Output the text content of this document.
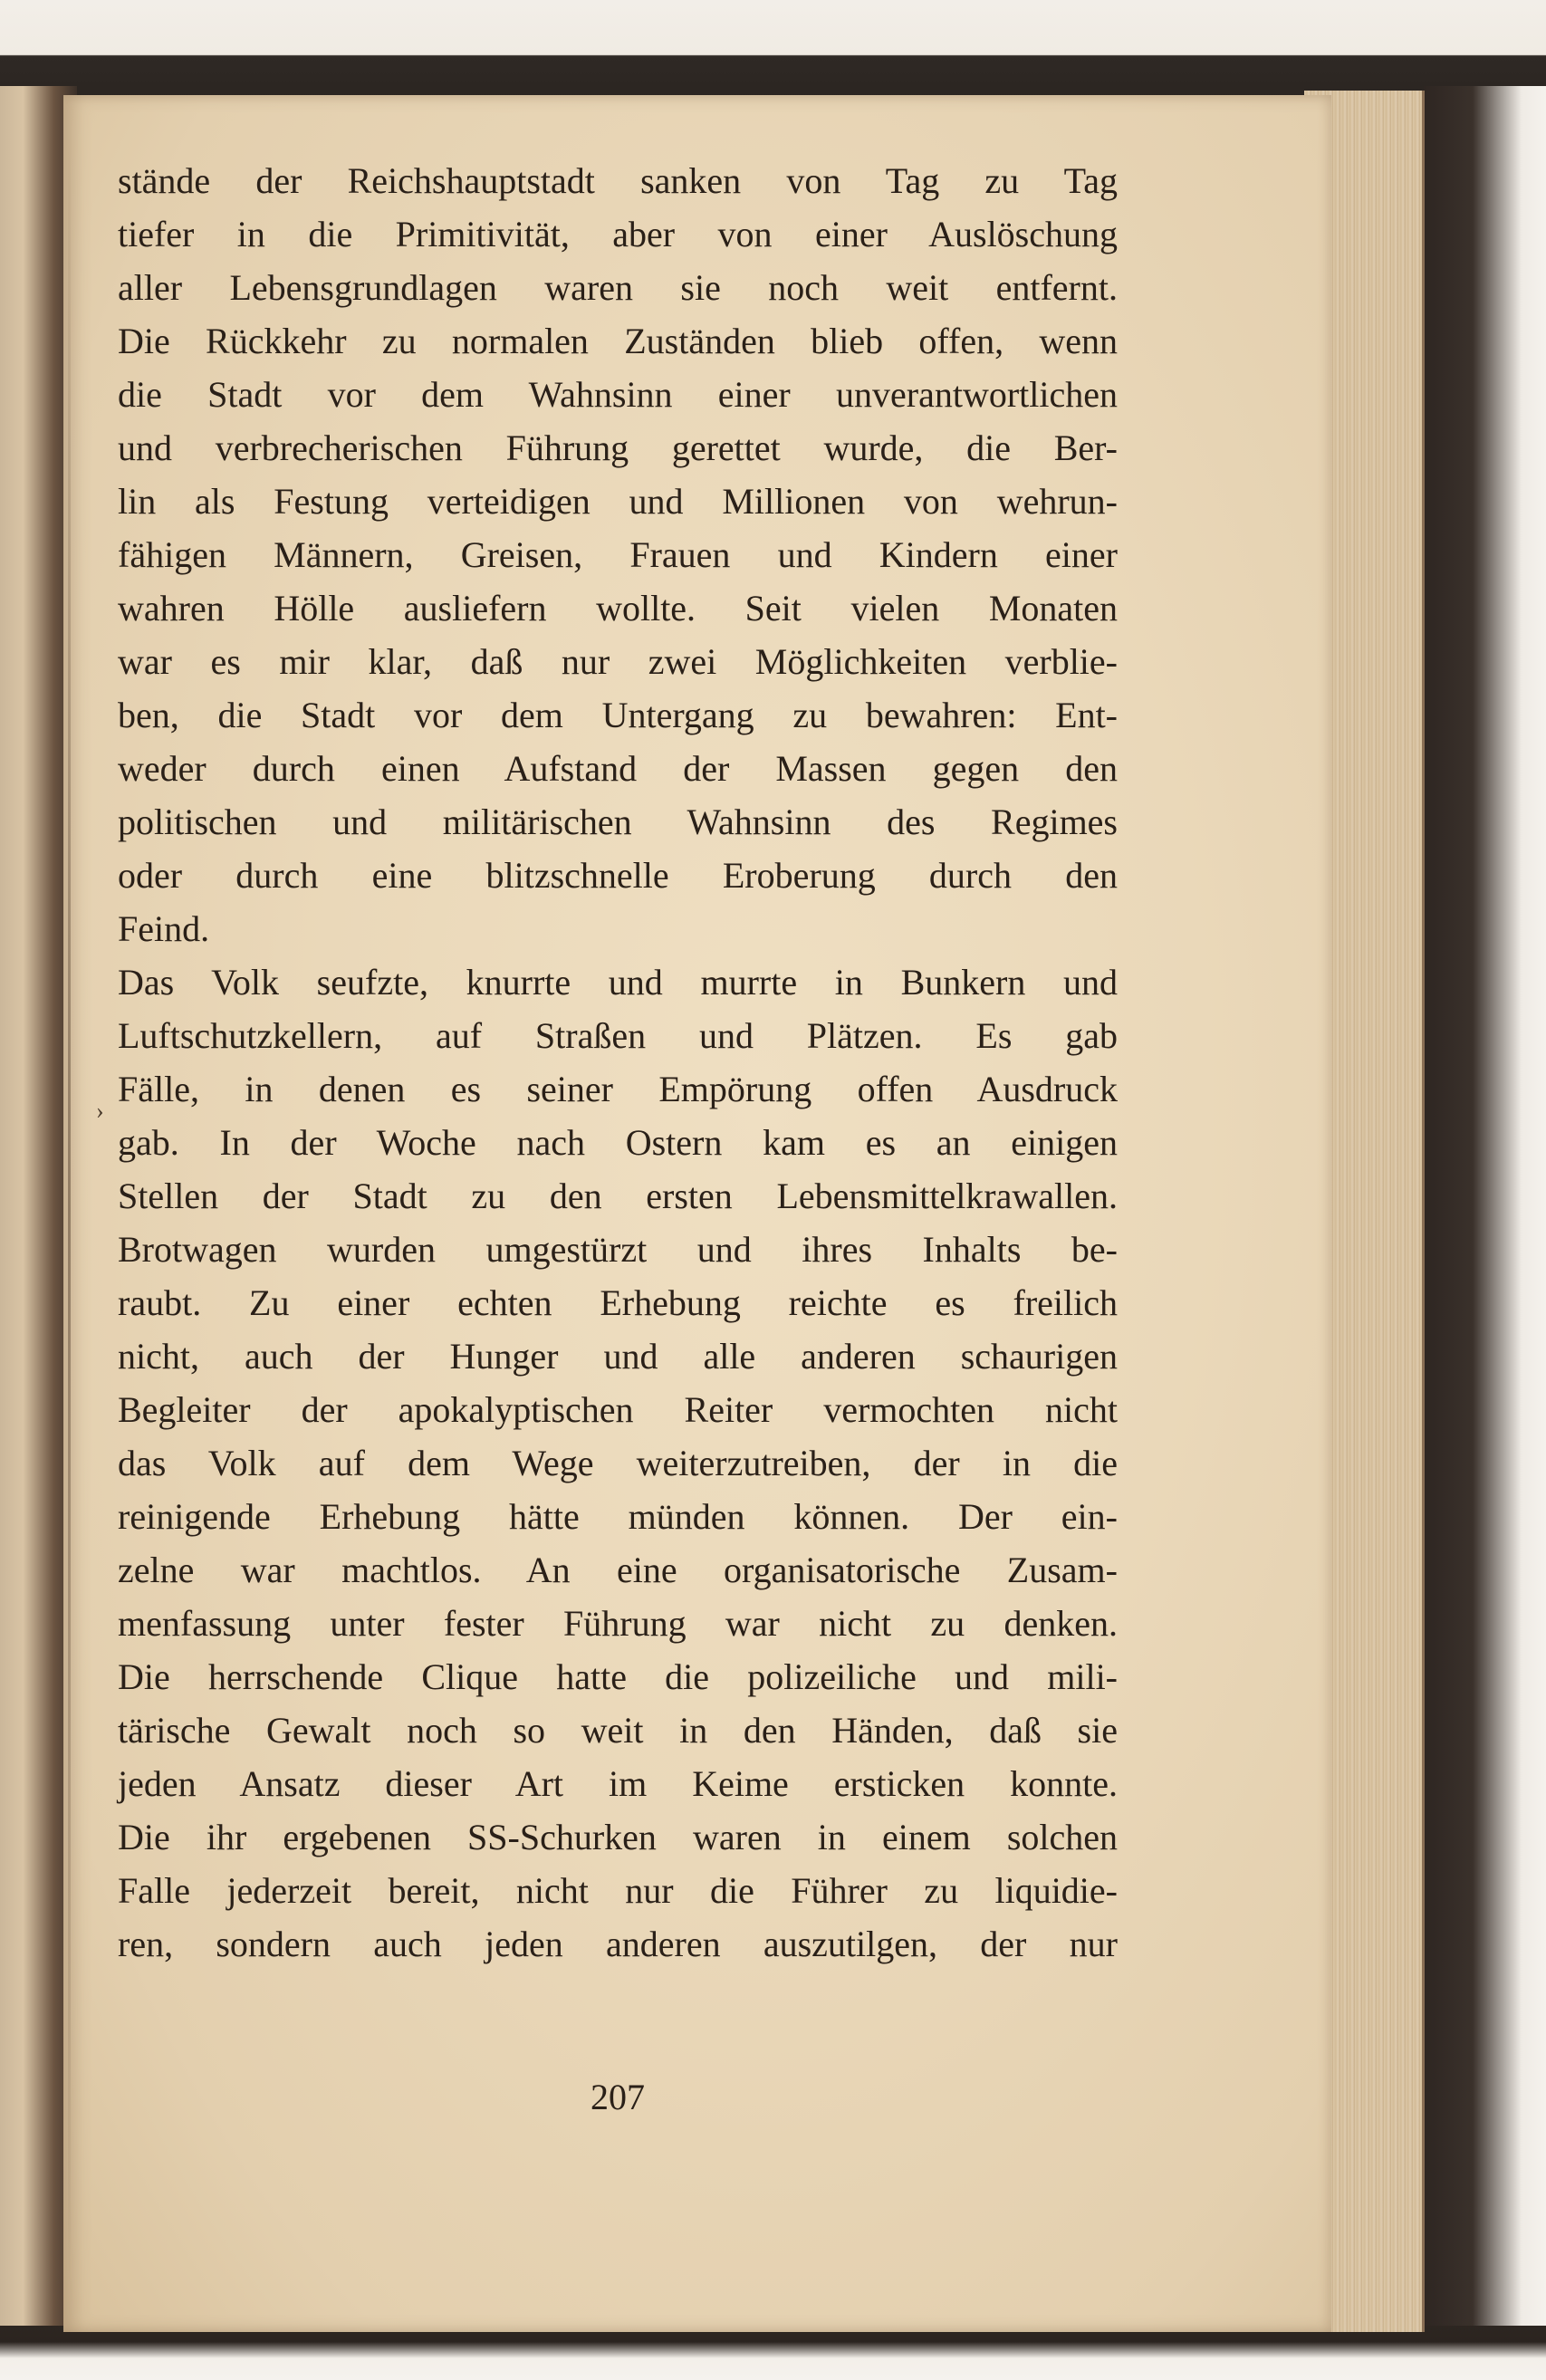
›
stände der Reichshauptstadt sanken von Tag zu Tag
tiefer in die Primitivität, aber von einer Auslöschung
aller Lebensgrundlagen waren sie noch weit entfernt.
Die Rückkehr zu normalen Zuständen blieb offen, wenn
die Stadt vor dem Wahnsinn einer unverantwortlichen
und verbrecherischen Führung gerettet wurde, die Ber-
lin als Festung verteidigen und Millionen von wehrun-
fähigen Männern, Greisen, Frauen und Kindern einer
wahren Hölle ausliefern wollte. Seit vielen Monaten
war es mir klar, daß nur zwei Möglichkeiten verblie-
ben, die Stadt vor dem Untergang zu bewahren: Ent-
weder durch einen Aufstand der Massen gegen den
politischen und militärischen Wahnsinn des Regimes
oder durch eine blitzschnelle Eroberung durch den
Feind.
Das Volk seufzte, knurrte und murrte in Bunkern und
Luftschutzkellern, auf Straßen und Plätzen. Es gab
Fälle, in denen es seiner Empörung offen Ausdruck
gab. In der Woche nach Ostern kam es an einigen
Stellen der Stadt zu den ersten Lebensmittelkrawallen.
Brotwagen wurden umgestürzt und ihres Inhalts be-
raubt. Zu einer echten Erhebung reichte es freilich
nicht, auch der Hunger und alle anderen schaurigen
Begleiter der apokalyptischen Reiter vermochten nicht
das Volk auf dem Wege weiterzutreiben, der in die
reinigende Erhebung hätte münden können. Der ein-
zelne war machtlos. An eine organisatorische Zusam-
menfassung unter fester Führung war nicht zu denken.
Die herrschende Clique hatte die polizeiliche und mili-
tärische Gewalt noch so weit in den Händen, daß sie
jeden Ansatz dieser Art im Keime ersticken konnte.
Die ihr ergebenen SS-Schurken waren in einem solchen
Falle jederzeit bereit, nicht nur die Führer zu liquidie-
ren, sondern auch jeden anderen auszutilgen, der nur
207
